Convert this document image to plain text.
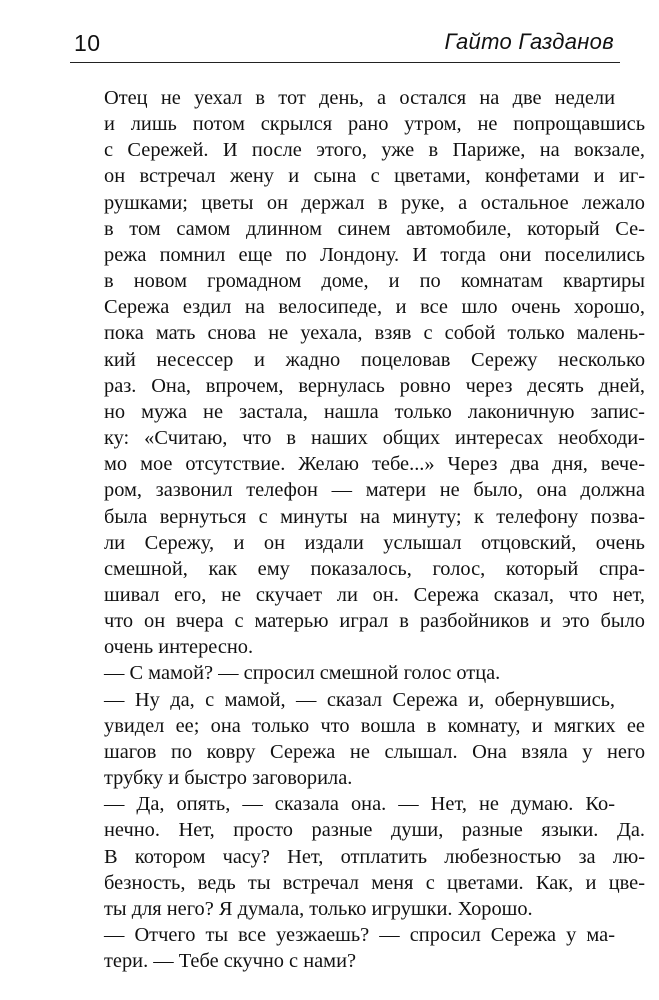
10	Гайто Газданов
Отец не уехал в тот день, а остался на две недели
и лишь потом скрылся рано утром, не попрощавшись
с Сережей. И после этого, уже в Париже, на вокзале,
он встречал жену и сына с цветами, конфетами и иг-
рушками; цветы он держал в руке, а остальное лежало
в том самом длинном синем автомобиле, который Се-
режа помнил еще по Лондону. И тогда они поселились
в новом громадном доме, и по комнатам квартиры
Сережа ездил на велосипеде, и все шло очень хорошо,
пока мать снова не уехала, взяв с собой только малень-
кий несессер и жадно поцеловав Сережу несколько
раз. Она, впрочем, вернулась ровно через десять дней,
но мужа не застала, нашла только лаконичную запис-
ку: «Считаю, что в наших общих интересах необходи-
мо мое отсутствие. Желаю тебе...» Через два дня, вече-
ром, зазвонил телефон — матери не было, она должна
была вернуться с минуты на минуту; к телефону позва-
ли Сережу, и он издали услышал отцовский, очень
смешной, как ему показалось, голос, который спра-
шивал его, не скучает ли он. Сережа сказал, что нет,
что он вчера с матерью играл в разбойников и это было
очень интересно.
— С мамой? — спросил смешной голос отца.
— Ну да, с мамой, — сказал Сережа и, обернувшись,
увидел ее; она только что вошла в комнату, и мягких ее
шагов по ковру Сережа не слышал. Она взяла у него
трубку и быстро заговорила.
— Да, опять, — сказала она. — Нет, не думаю. Ко-
нечно. Нет, просто разные души, разные языки. Да.
В котором часу? Нет, отплатить любезностью за лю-
безность, ведь ты встречал меня с цветами. Как, и цве-
ты для него? Я думала, только игрушки. Хорошо.
— Отчего ты все уезжаешь? — спросил Сережа у ма-
тери. — Тебе скучно с нами?
